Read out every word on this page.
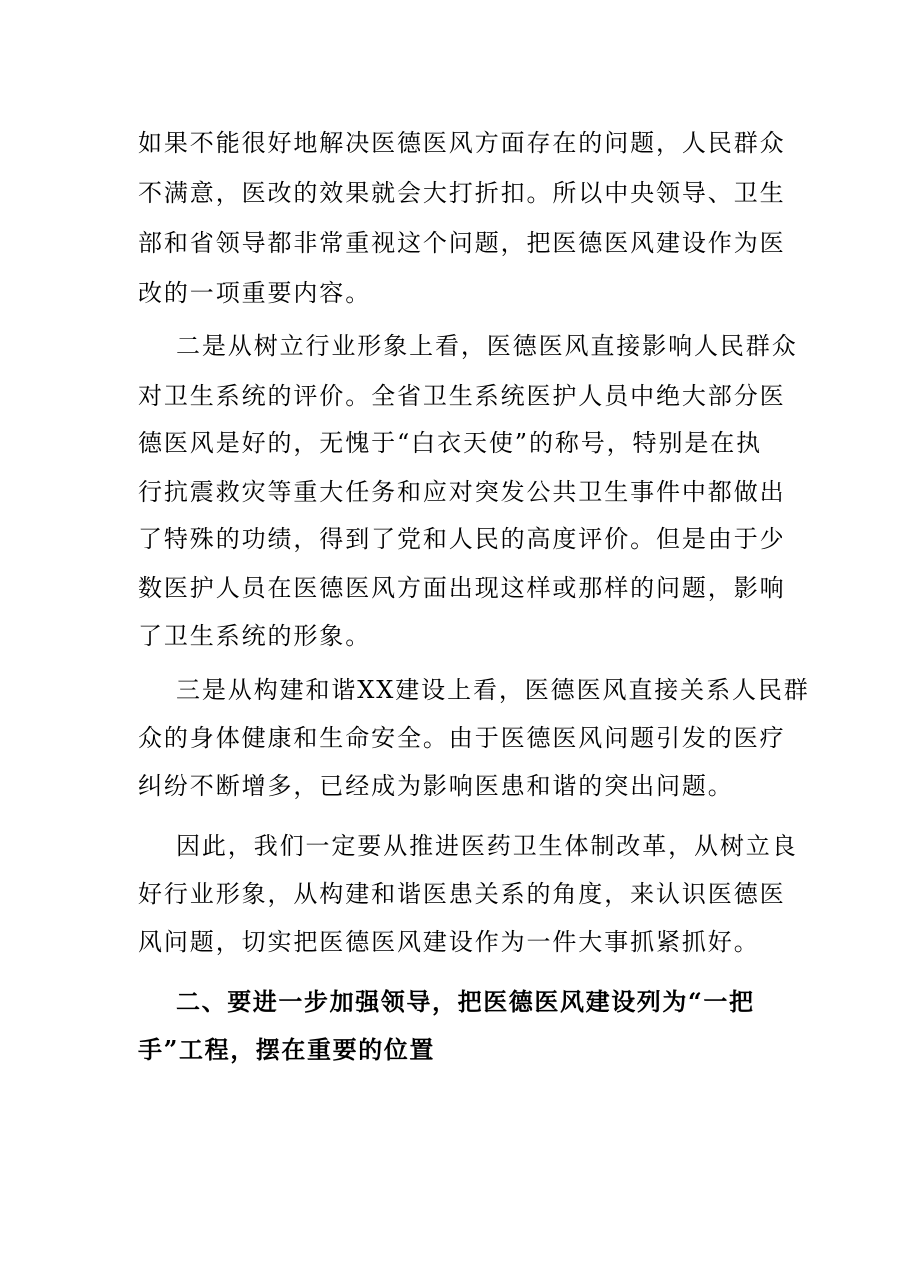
如果不能很好地解决医德医风方面存在的问题，人民群众
不满意，医改的效果就会大打折扣。所以中央领导、卫生
部和省领导都非常重视这个问题，把医德医风建设作为医
改的一项重要内容。
二是从树立行业形象上看，医德医风直接影响人民群众
对卫生系统的评价。全省卫生系统医护人员中绝大部分医
德医风是好的，无愧于“白衣天使”的称号，特别是在执
行抗震救灾等重大任务和应对突发公共卫生事件中都做出
了特殊的功绩，得到了党和人民的高度评价。但是由于少
数医护人员在医德医风方面出现这样或那样的问题，影响
了卫生系统的形象。
三是从构建和谐XX建设上看，医德医风直接关系人民群
众的身体健康和生命安全。由于医德医风问题引发的医疗
纠纷不断增多，已经成为影响医患和谐的突出问题。
因此，我们一定要从推进医药卫生体制改革，从树立良
好行业形象，从构建和谐医患关系的角度，来认识医德医
风问题，切实把医德医风建设作为一件大事抓紧抓好。
二、要进一步加强领导，把医德医风建设列为“一把
手”工程，摆在重要的位置
